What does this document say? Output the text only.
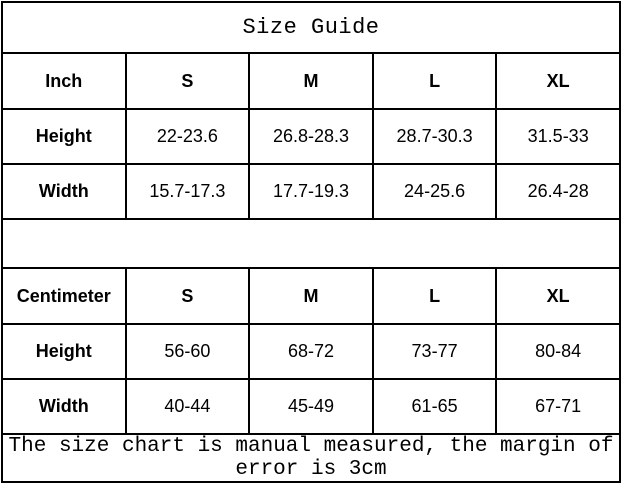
Size Guide				
Inch	S	M	L	XL
Height	22-23.6	26.8-28.3	28.7-30.3	31.5-33
Width	15.7-17.3	17.7-19.3	24-25.6	26.4-28

Centimeter	S	M	L	XL
Height	56-60	68-72	73-77	80-84
Width	40-44	45-49	61-65	67-71
The size chart is manual measured, the margin of error is 3cm				
